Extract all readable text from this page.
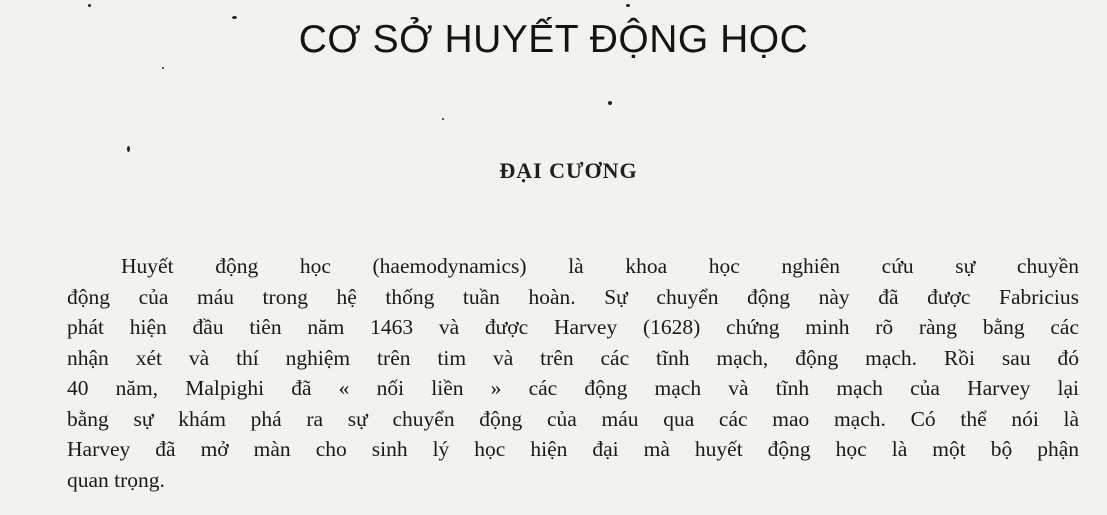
CƠ SỞ HUYẾT ĐỘNG HỌC
ĐẠI CƯƠNG

Huyết động học (haemodynamics) là khoa học nghiên cứu sự chuyền
động của máu trong hệ thống tuần hoàn. Sự chuyển động này đã được Fabricius
phát hiện đầu tiên năm 1463 và được Harvey (1628) chứng minh rõ ràng bằng các
nhận xét và thí nghiệm trên tim và trên các tĩnh mạch, động mạch. Rồi sau đó
40 năm, Malpighi đã « nối liền » các động mạch và tĩnh mạch của Harvey lại
bằng sự khám phá ra sự chuyển động của máu qua các mao mạch. Có thể nói là
Harvey đã mở màn cho sinh lý học hiện đại mà huyết động học là một bộ phận
quan trọng.
